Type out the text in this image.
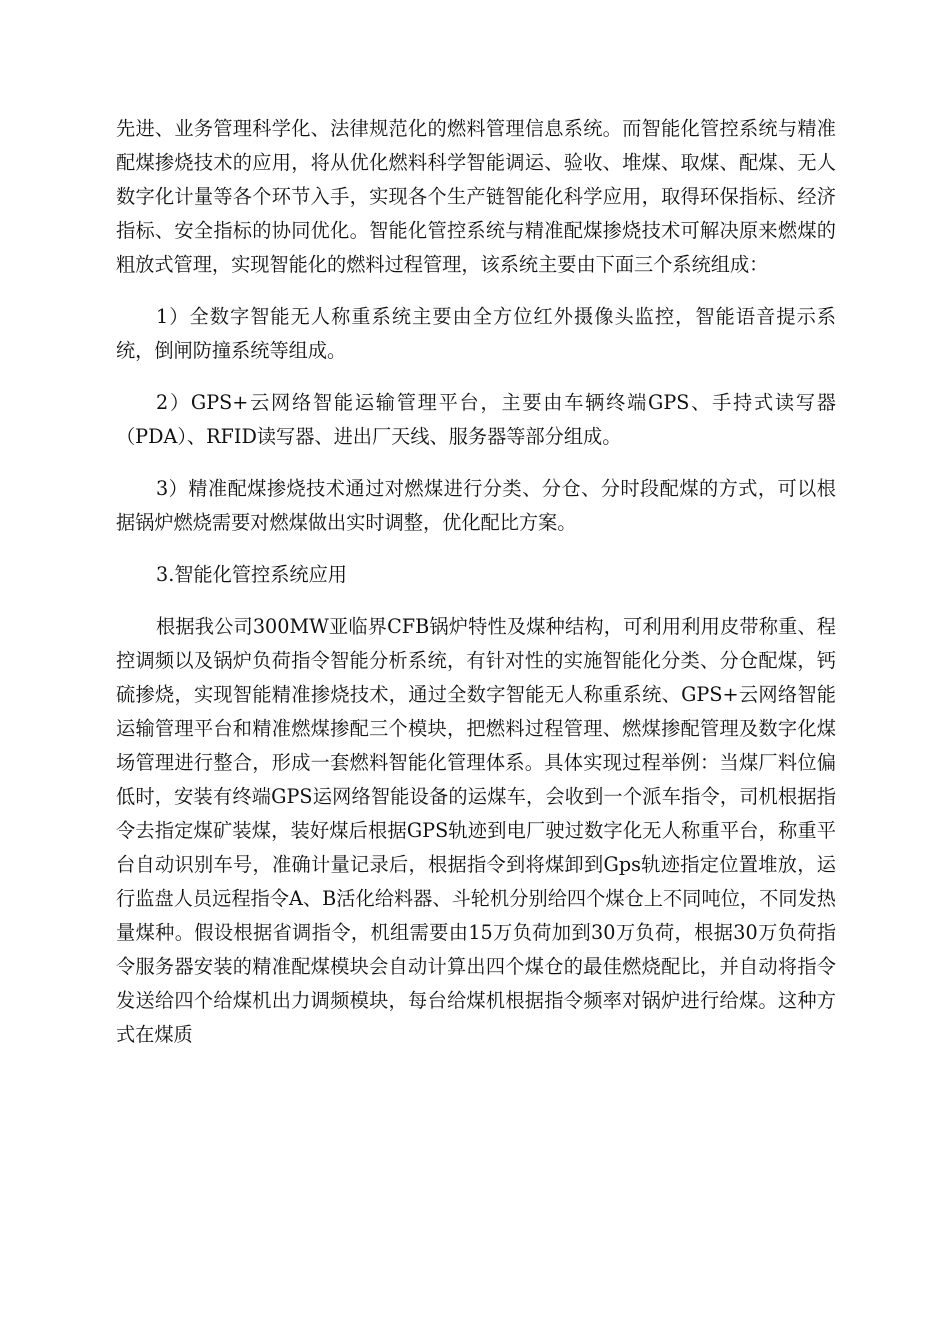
先进、业务管理科学化、法律规范化的燃料管理信息系统。而智能化管控系统与精准配煤掺烧技术的应用，将从优化燃料科学智能调运、验收、堆煤、取煤、配煤、无人数字化计量等各个环节入手，实现各个生产链智能化科学应用，取得环保指标、经济指标、安全指标的协同优化。智能化管控系统与精准配煤掺烧技术可解决原来燃煤的粗放式管理，实现智能化的燃料过程管理，该系统主要由下面三个系统组成：

1）全数字智能无人称重系统主要由全方位红外摄像头监控，智能语音提示系统，倒闸防撞系统等组成。

2）GPS+云网络智能运输管理平台，主要由车辆终端GPS、手持式读写器（PDA）、RFID读写器、进出厂天线、服务器等部分组成。

3）精准配煤掺烧技术通过对燃煤进行分类、分仓、分时段配煤的方式，可以根据锅炉燃烧需要对燃煤做出实时调整，优化配比方案。

3.智能化管控系统应用

根据我公司300MW亚临界CFB锅炉特性及煤种结构，可利用利用皮带称重、程控调频以及锅炉负荷指令智能分析系统，有针对性的实施智能化分类、分仓配煤，钙硫掺烧，实现智能精准掺烧技术，通过全数字智能无人称重系统、GPS+云网络智能运输管理平台和精准燃煤掺配三个模块，把燃料过程管理、燃煤掺配管理及数字化煤场管理进行整合，形成一套燃料智能化管理体系。具体实现过程举例：当煤厂料位偏低时，安装有终端GPS运网络智能设备的运煤车，会收到一个派车指令，司机根据指令去指定煤矿装煤，装好煤后根据GPS轨迹到电厂驶过数字化无人称重平台，称重平台自动识别车号，准确计量记录后，根据指令到将煤卸到Gps轨迹指定位置堆放，运行监盘人员远程指令A、B活化给料器、斗轮机分别给四个煤仓上不同吨位，不同发热量煤种。假设根据省调指令，机组需要由15万负荷加到30万负荷，根据30万负荷指令服务器安装的精准配煤模块会自动计算出四个煤仓的最佳燃烧配比，并自动将指令发送给四个给煤机出力调频模块，每台给煤机根据指令频率对锅炉进行给煤。这种方式在煤质
